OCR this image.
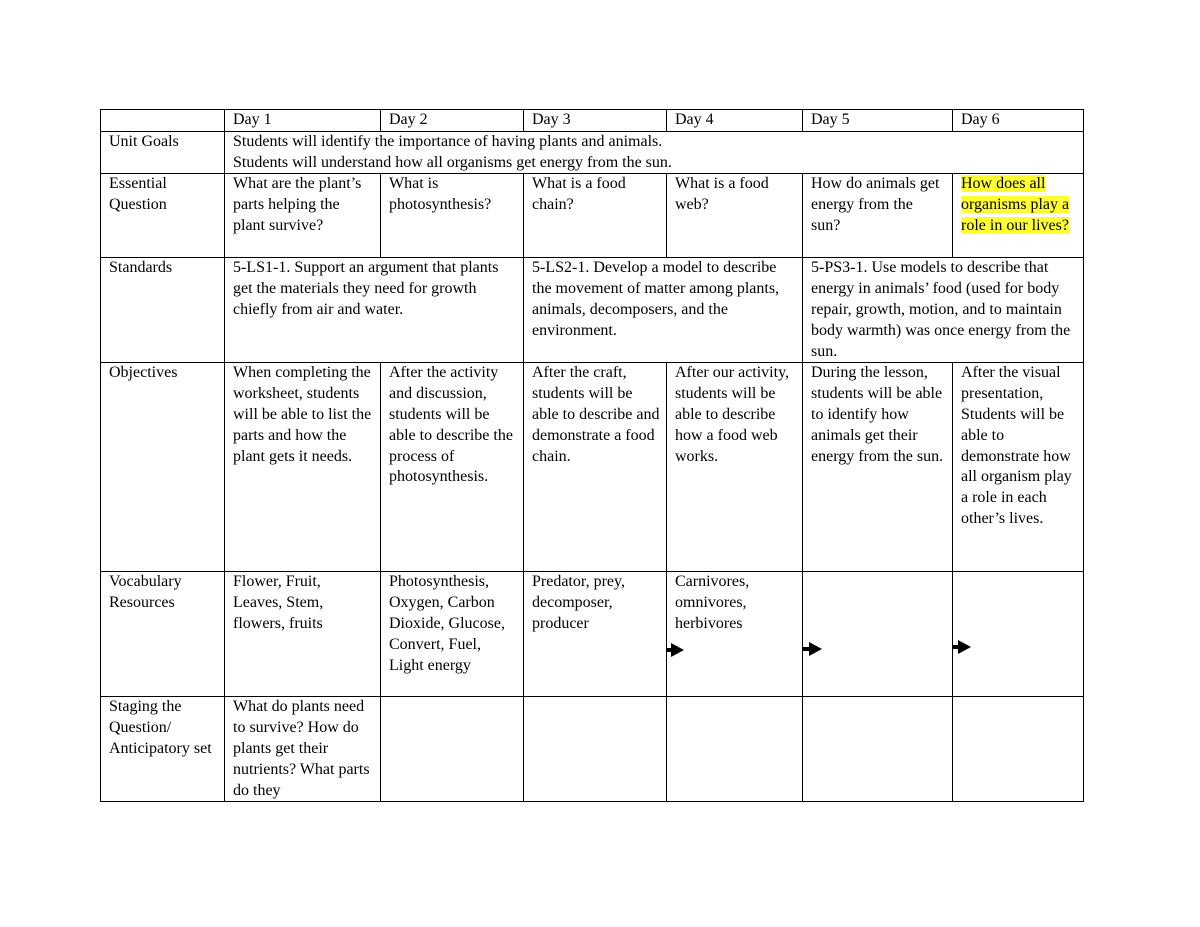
	Day 1	Day 2	Day 3	Day 4	Day 5	Day 6
Unit Goals	Students will identify the importance of having plants and animals.
Students will understand how all organisms get energy from the sun.					
Essential Question	What are the plant’s parts helping the plant survive?	What is photosynthesis?	What is a food chain?	What is a food web?	How do animals get energy from the sun?	How does all organisms play a role in our lives?
Standards	5-LS1-1. Support an argument that plants get the materials they need for growth chiefly from air and water.		5-LS2-1. Develop a model to describe the movement of matter among plants, animals, decomposers, and the environment.		5-PS3-1. Use models to describe that energy in animals’ food (used for body repair, growth, motion, and to maintain body warmth) was once energy from the sun.	
Objectives	When completing the worksheet, students will be able to list the parts and how the plant gets it needs.	After the activity and discussion, students will be able to describe the process of photosynthesis.	After the craft, students will be able to describe and demonstrate a food chain.	After our activity, students will be able to describe how a food web works.	During the lesson, students will be able to identify how animals get their energy from the sun.	After the visual presentation, Students will be able to demonstrate how all organism play a role in each other’s lives.
Vocabulary Resources	Flower, Fruit, Leaves, Stem, flowers, fruits	Photosynthesis, Oxygen, Carbon Dioxide, Glucose, Convert, Fuel, Light energy	Predator, prey, decomposer, producer	Carnivores, omnivores, herbivores

Staging the Question/ Anticipatory set	What do plants need to survive? How do plants get their nutrients? What parts do they					
